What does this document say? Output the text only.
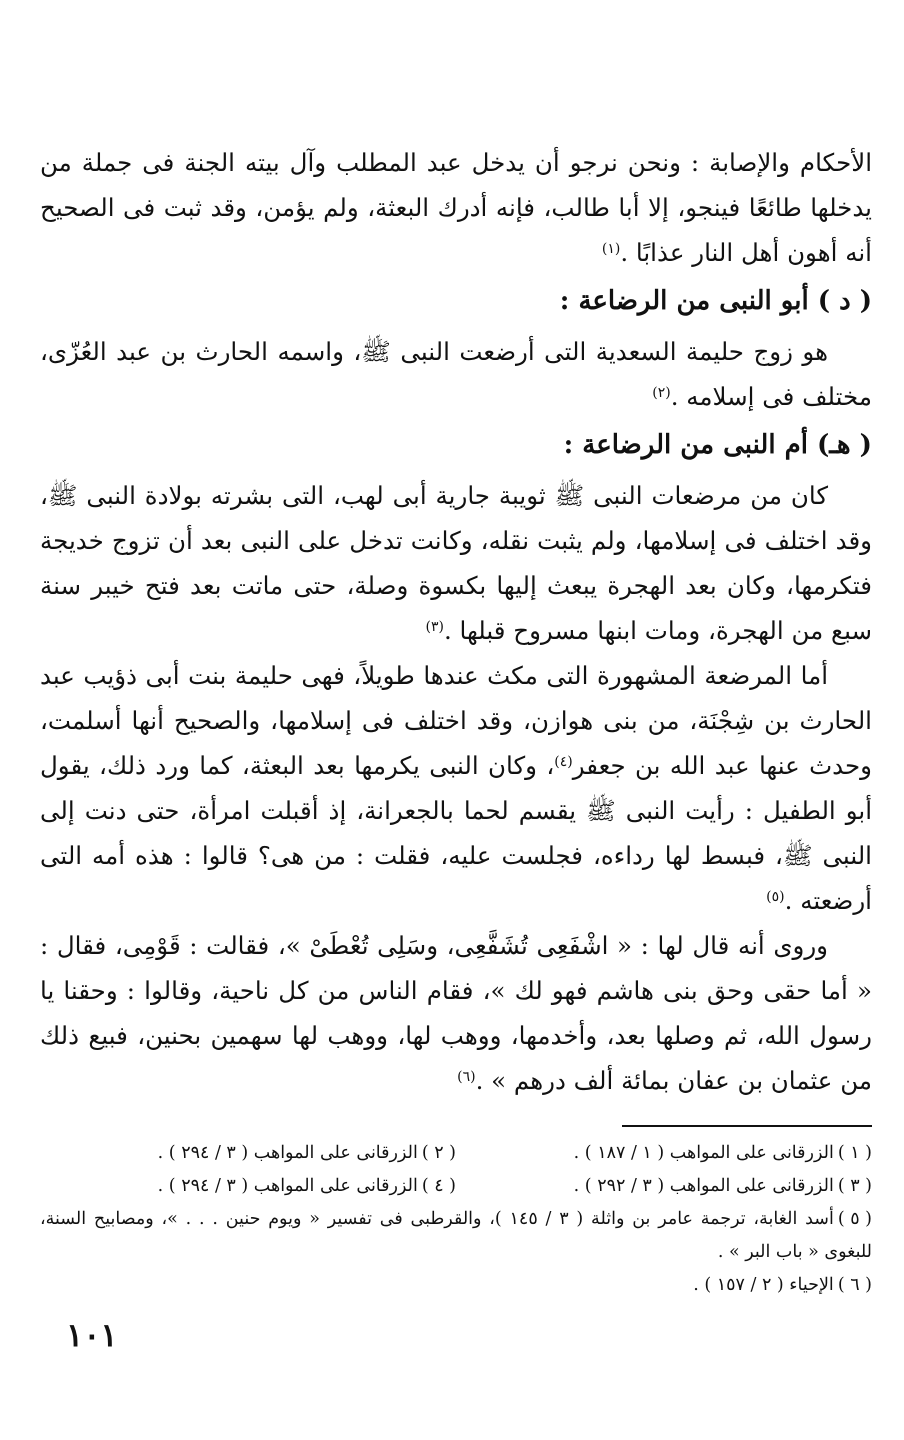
الأحكام والإصابة : ونحن نرجو أن يدخل عبد المطلب وآل بيته الجنة فى جملة من يدخلها طائعًا فينجو، إلا أبا طالب، فإنه أدرك البعثة، ولم يؤمن، وقد ثبت فى الصحيح أنه أهون أهل النار عذابًا .$^{(١)}$

( د ) أبو النبى من الرضاعة :

هو زوج حليمة السعدية التى أرضعت النبى ﷺ، واسمه الحارث بن عبد العُزّى، مختلف فى إسلامه .$^{(٢)}$

( هـ) أم النبى من الرضاعة :

كان من مرضعات النبى ﷺ ثويبة جارية أبى لهب، التى بشرته بولادة النبى ﷺ، وقد اختلف فى إسلامها، ولم يثبت نقله، وكانت تدخل على النبى بعد أن تزوج خديجة فتكرمها، وكان بعد الهجرة يبعث إليها بكسوة وصلة، حتى ماتت بعد فتح خيبر سنة سبع من الهجرة، ومات ابنها مسروح قبلها .$^{(٣)}$

أما المرضعة المشهورة التى مكث عندها طويلاً، فهى حليمة بنت أبى ذؤيب عبد الحارث بن شِجْنَة، من بنى هوازن، وقد اختلف فى إسلامها، والصحيح أنها أسلمت، وحدث عنها عبد الله بن جعفر$^{(٤)}$، وكان النبى يكرمها بعد البعثة، كما ورد ذلك، يقول أبو الطفيل : رأيت النبى ﷺ يقسم لحما بالجعرانة، إذ أقبلت امرأة، حتى دنت إلى النبى ﷺ، فبسط لها رداءه، فجلست عليه، فقلت : من هى؟ قالوا : هذه أمه التى أرضعته .$^{(٥)}$

وروى أنه قال لها : « اشْفَعِى تُشَفَّعِى، وسَلِى تُعْطَىْ »، فقالت : قَوْمِى، فقال : « أما حقى وحق بنى هاشم فهو لك »، فقام الناس من كل ناحية، وقالوا : وحقنا يا رسول الله، ثم وصلها بعد، وأخدمها، ووهب لها، ووهب لها سهمين بحنين، فبيع ذلك من عثمان بن عفان بمائة ألف درهم » .$^{(٦)}$

( ١ )الزرقانى على المواهب ( ١ / ١٨٧ ) .

( ٢ )الزرقانى على المواهب ( ٣ / ٢٩٤ ) .

( ٣ )الزرقانى على المواهب ( ٣ / ٢٩٢ ) .

( ٤ )الزرقانى على المواهب ( ٣ / ٢٩٤ ) .

( ٥ )أسد الغابة، ترجمة عامر بن واثلة ( ٣ / ١٤٥ )، والقرطبى فى تفسير « ويوم حنين . . . »، ومصابيح السنة، للبغوى « باب البر » .

( ٦ )الإحياء ( ٢ / ١٥٧ ) .

١٠١
